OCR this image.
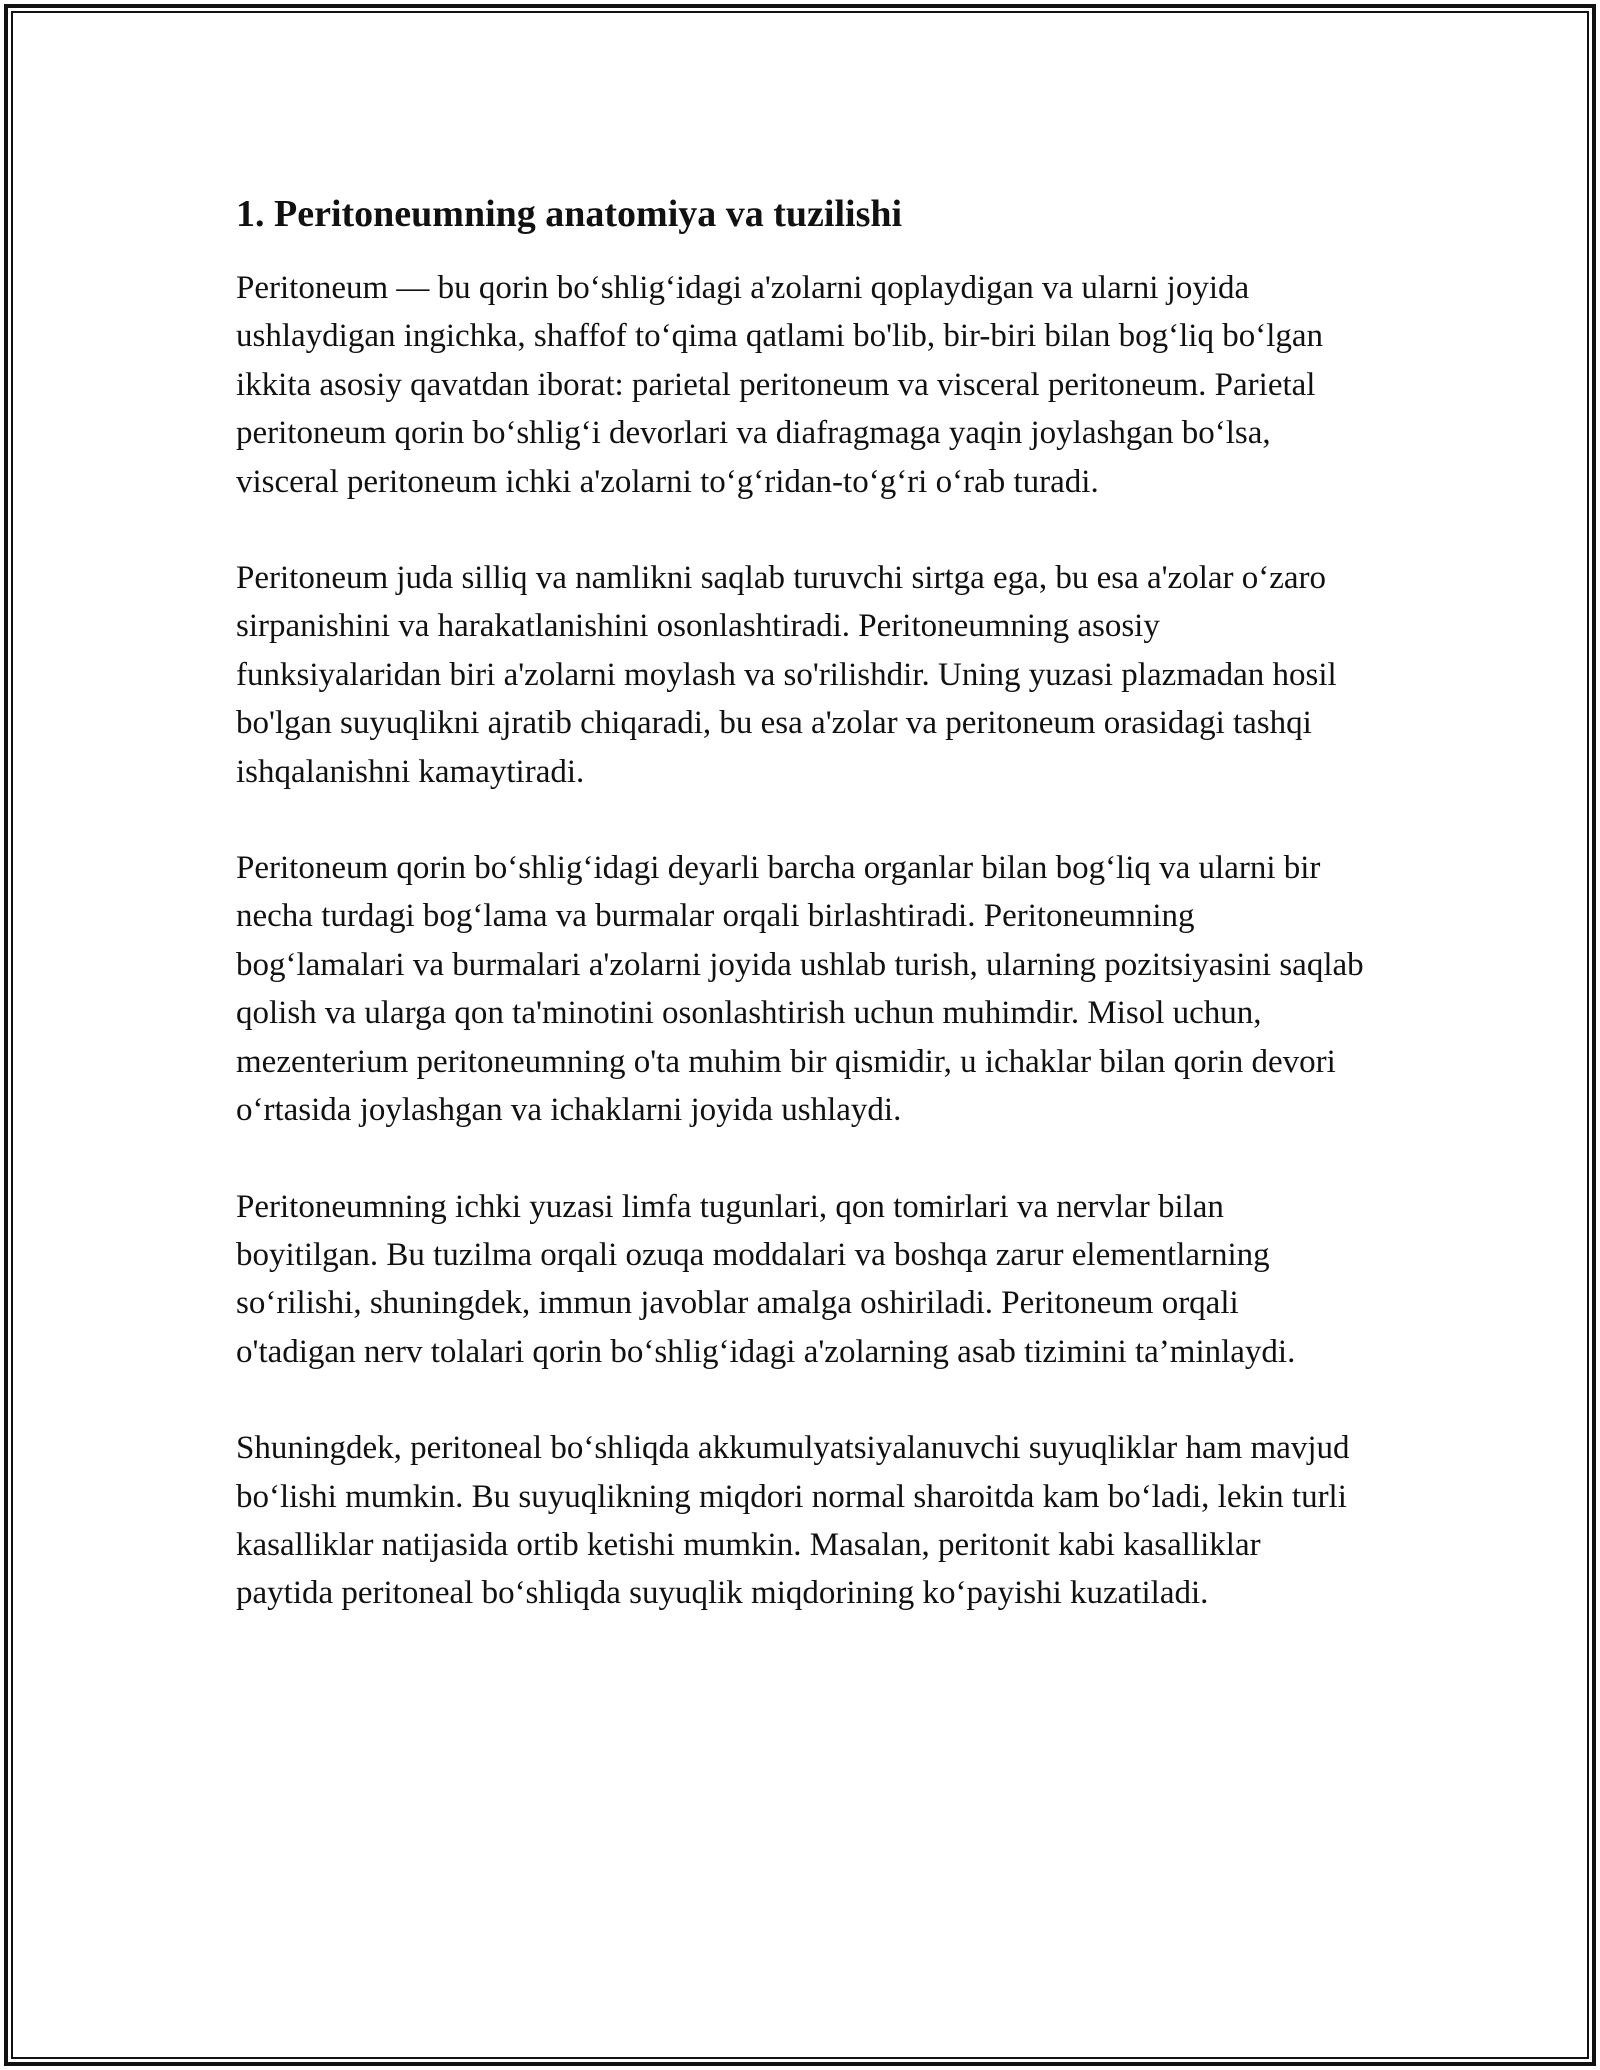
1. Peritoneumning anatomiya va tuzilishi

Peritoneum — bu qorin bo‘shlig‘idagi a'zolarni qoplaydigan va ularni joyida ushlaydigan ingichka, shaffof to‘qima qatlami bo'lib, bir-biri bilan bog‘liq bo‘lgan ikkita asosiy qavatdan iborat: parietal peritoneum va visceral peritoneum. Parietal peritoneum qorin bo‘shlig‘i devorlari va diafragmaga yaqin joylashgan bo‘lsa, visceral peritoneum ichki a'zolarni to‘g‘ridan-to‘g‘ri o‘rab turadi.

Peritoneum juda silliq va namlikni saqlab turuvchi sirtga ega, bu esa a'zolar o‘zaro sirpanishini va harakatlanishini osonlashtiradi. Peritoneumning asosiy funksiyalaridan biri a'zolarni moylash va so'rilishdir. Uning yuzasi plazmadan hosil bo'lgan suyuqlikni ajratib chiqaradi, bu esa a'zolar va peritoneum orasidagi tashqi ishqalanishni kamaytiradi.

Peritoneum qorin bo‘shlig‘idagi deyarli barcha organlar bilan bog‘liq va ularni bir necha turdagi bog‘lama va burmalar orqali birlashtiradi. Peritoneumning bog‘lamalari va burmalari a'zolarni joyida ushlab turish, ularning pozitsiyasini saqlab qolish va ularga qon ta'minotini osonlashtirish uchun muhimdir. Misol uchun, mezenterium peritoneumning o'ta muhim bir qismidir, u ichaklar bilan qorin devori o‘rtasida joylashgan va ichaklarni joyida ushlaydi.

Peritoneumning ichki yuzasi limfa tugunlari, qon tomirlari va nervlar bilan boyitilgan. Bu tuzilma orqali ozuqa moddalari va boshqa zarur elementlarning so‘rilishi, shuningdek, immun javoblar amalga oshiriladi. Peritoneum orqali o'tadigan nerv tolalari qorin bo‘shlig‘idagi a'zolarning asab tizimini ta’minlaydi.

Shuningdek, peritoneal bo‘shliqda akkumulyatsiyalanuvchi suyuqliklar ham mavjud bo‘lishi mumkin. Bu suyuqlikning miqdori normal sharoitda kam bo‘ladi, lekin turli kasalliklar natijasida ortib ketishi mumkin. Masalan, peritonit kabi kasalliklar paytida peritoneal bo‘shliqda suyuqlik miqdorining ko‘payishi kuzatiladi.
